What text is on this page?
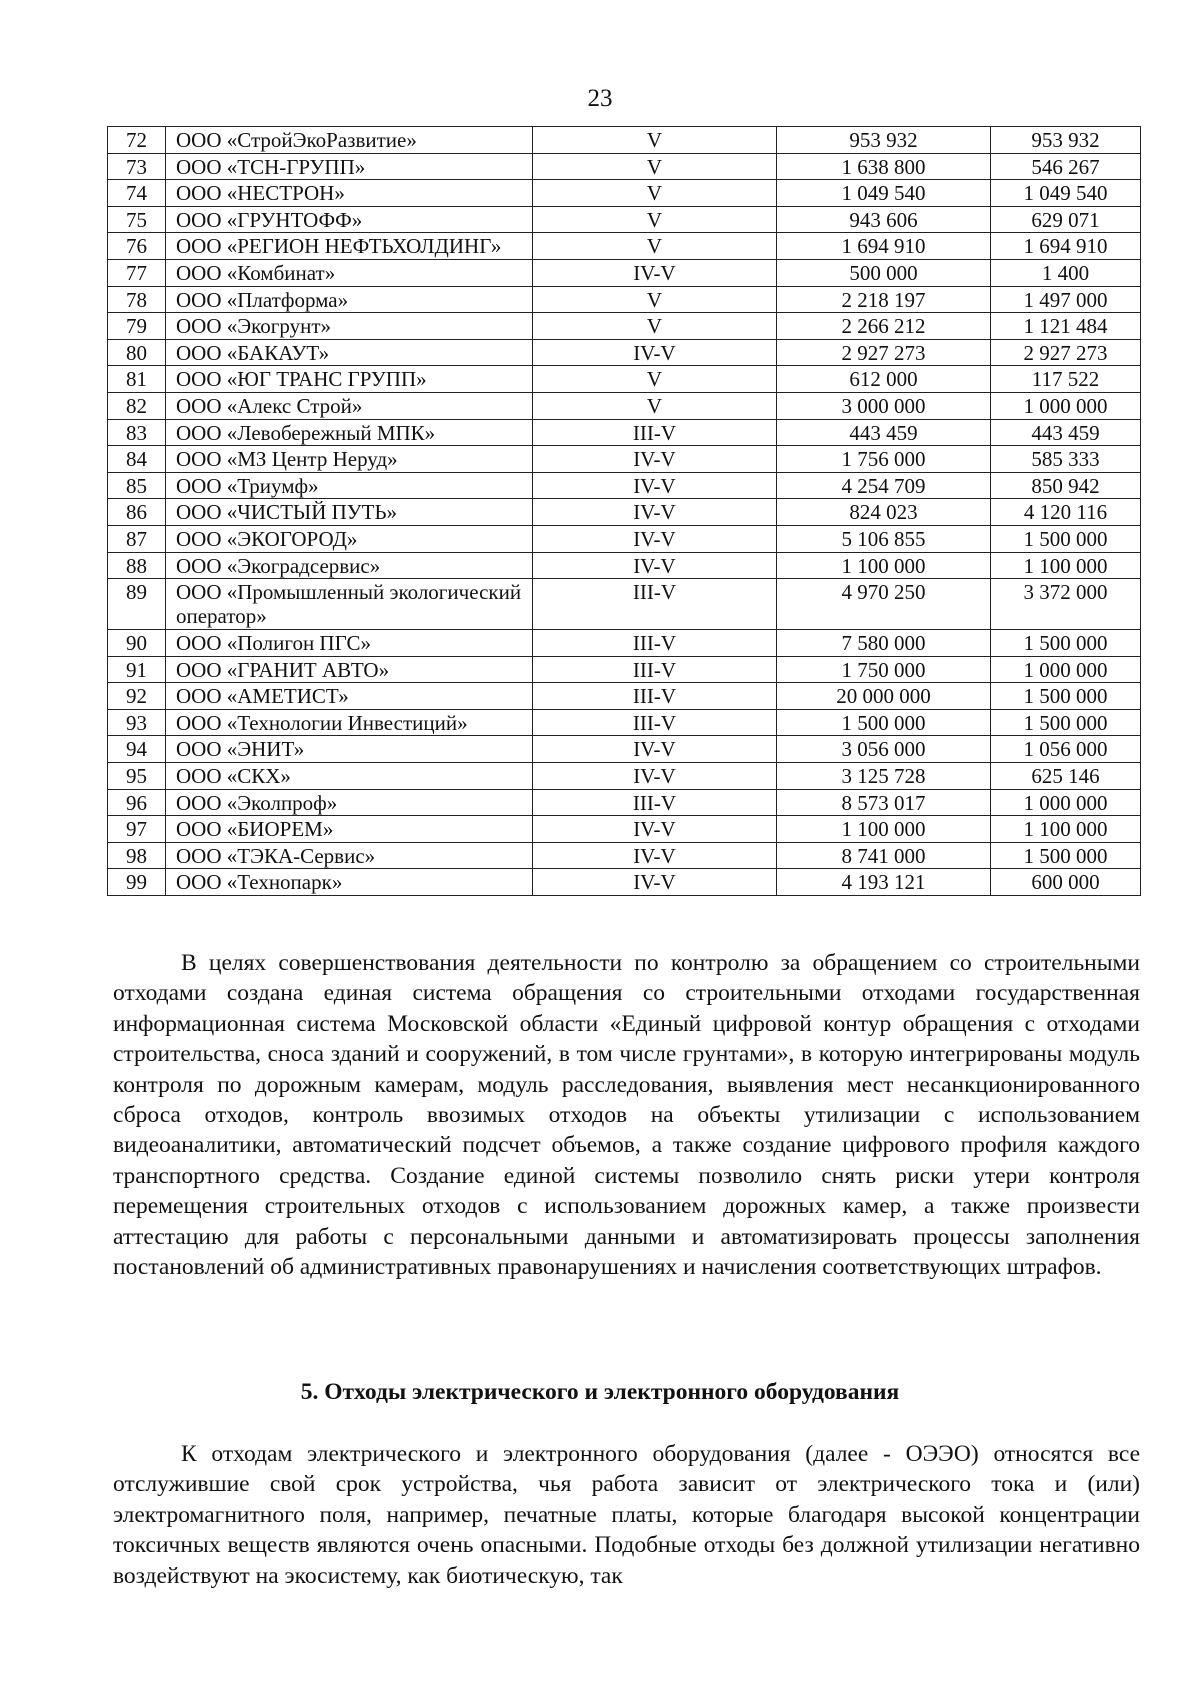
23
72	ООО «СтройЭкоРазвитие»	V	953 932	953 932
73	ООО «ТСН-ГРУПП»	V	1 638 800	546 267
74	ООО «НЕСТРОН»	V	1 049 540	1 049 540
75	ООО «ГРУНТОФФ»	V	943 606	629 071
76	ООО «РЕГИОН НЕФТЬХОЛДИНГ»	V	1 694 910	1 694 910
77	ООО «Комбинат»	IV-V	500 000	1 400
78	ООО «Платформа»	V	2 218 197	1 497 000
79	ООО «Экогрунт»	V	2 266 212	1 121 484
80	ООО «БАКАУТ»	IV-V	2 927 273	2 927 273
81	ООО «ЮГ ТРАНС ГРУПП»	V	612 000	117 522
82	ООО «Алекс Строй»	V	3 000 000	1 000 000
83	ООО «Левобережный МПК»	III-V	443 459	443 459
84	ООО «МЗ Центр Неруд»	IV-V	1 756 000	585 333
85	ООО «Триумф»	IV-V	4 254 709	850 942
86	ООО «ЧИСТЫЙ ПУТЬ»	IV-V	824 023	4 120 116
87	ООО «ЭКОГОРОД»	IV-V	5 106 855	1 500 000
88	ООО «Экоградсервис»	IV-V	1 100 000	1 100 000
89	ООО «Промышленный экологический оператор»	III-V	4 970 250	3 372 000
90	ООО «Полигон ПГС»	III-V	7 580 000	1 500 000
91	ООО «ГРАНИТ АВТО»	III-V	1 750 000	1 000 000
92	ООО «АМЕТИСТ»	III-V	20 000 000	1 500 000
93	ООО «Технологии Инвестиций»	III-V	1 500 000	1 500 000
94	ООО «ЭНИТ»	IV-V	3 056 000	1 056 000
95	ООО «СКХ»	IV-V	3 125 728	625 146
96	ООО «Эколпроф»	III-V	8 573 017	1 000 000
97	ООО «БИОРЕМ»	IV-V	1 100 000	1 100 000
98	ООО «ТЭКА-Сервис»	IV-V	8 741 000	1 500 000
99	ООО «Технопарк»	IV-V	4 193 121	600 000

В целях совершенствования деятельности по контролю за обращением со строительными отходами создана единая система обращения со строительными отходами государственная информационная система Московской области «Единый цифровой контур обращения с отходами строительства, сноса зданий и сооружений, в том числе грунтами», в которую интегрированы модуль контроля по дорожным камерам, модуль расследования, выявления мест несанкционированного сброса отходов, контроль ввозимых отходов на объекты утилизации с использованием видеоаналитики, автоматический подсчет объемов, а также создание цифрового профиля каждого транспортного средства. Создание единой системы позволило снять риски утери контроля перемещения строительных отходов с использованием дорожных камер, а также произвести аттестацию для работы с персональными данными и автоматизировать процессы заполнения постановлений об административных правонарушениях и начисления соответствующих штрафов.

5. Отходы электрического и электронного оборудования

К отходам электрического и электронного оборудования (далее - ОЭЭО) относятся все отслужившие свой срок устройства, чья работа зависит от электрического тока и (или) электромагнитного поля, например, печатные платы, которые благодаря высокой концентрации токсичных веществ являются очень опасными. Подобные отходы без должной утилизации негативно воздействуют на экосистему, как биотическую, так
